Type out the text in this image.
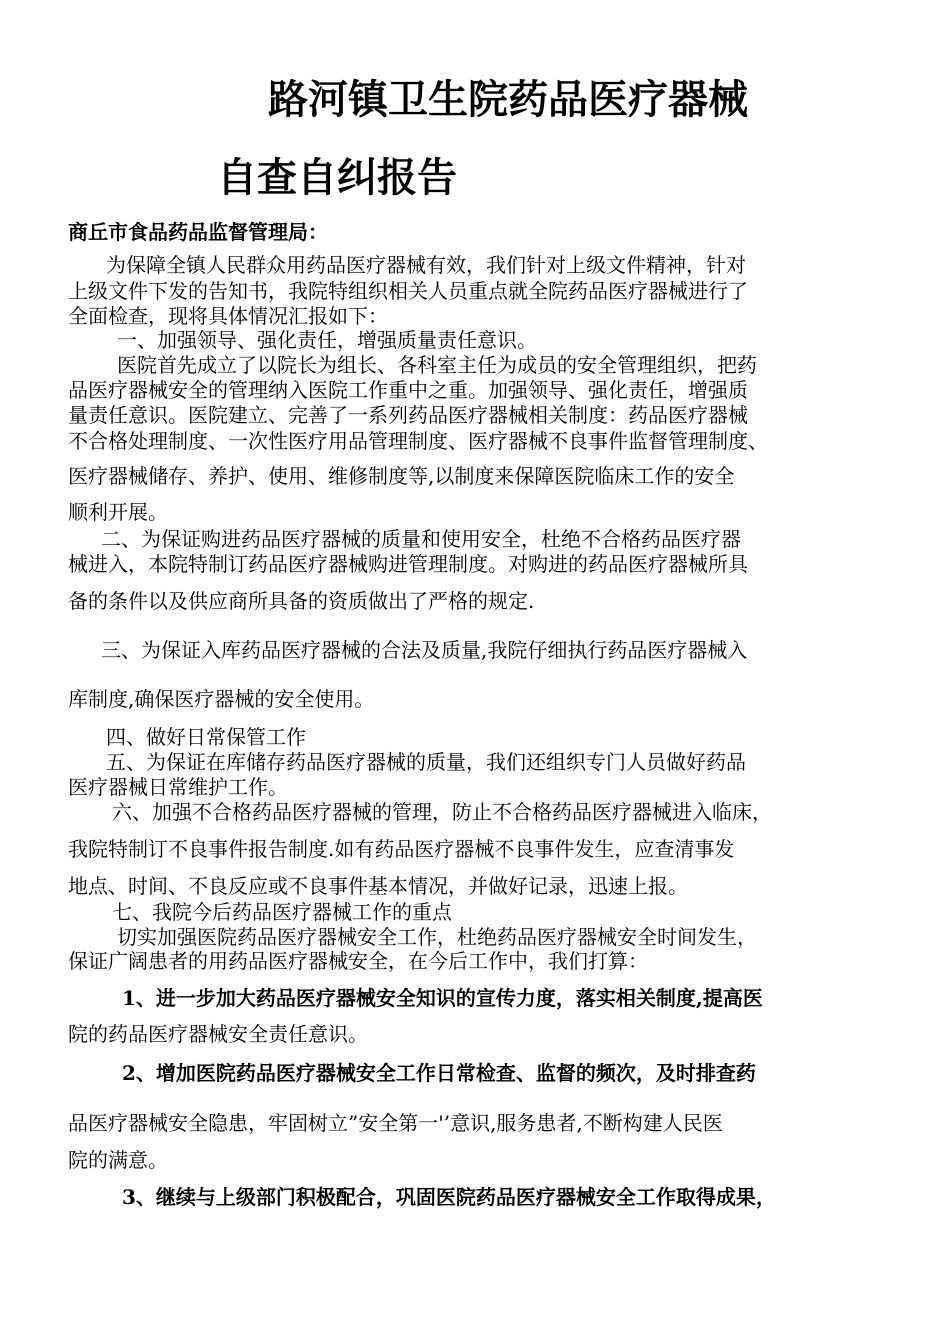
路河镇卫生院药品医疗器械
自查自纠报告
商丘市食品药品监督管理局：
为保障全镇人民群众用药品医疗器械有效，我们针对上级文件精神，针对
上级文件下发的告知书，我院特组织相关人员重点就全院药品医疗器械进行了
全面检查，现将具体情况汇报如下：
一、加强领导、强化责任，增强质量责任意识。
医院首先成立了以院长为组长、各科室主任为成员的安全管理组织，把药
品医疗器械安全的管理纳入医院工作重中之重。加强领导、强化责任，增强质
量责任意识。医院建立、完善了一系列药品医疗器械相关制度：药品医疗器械
不合格处理制度、一次性医疗用品管理制度、医疗器械不良事件监督管理制度、
医疗器械储存、养护、使用、维修制度等,以制度来保障医院临床工作的安全
顺利开展。
二、为保证购进药品医疗器械的质量和使用安全，杜绝不合格药品医疗器
械进入，本院特制订药品医疗器械购进管理制度。对购进的药品医疗器械所具
备的条件以及供应商所具备的资质做出了严格的规定.
三、为保证入库药品医疗器械的合法及质量,我院仔细执行药品医疗器械入
库制度,确保医疗器械的安全使用。
四、做好日常保管工作
五、为保证在库储存药品医疗器械的质量，我们还组织专门人员做好药品
医疗器械日常维护工作。
六、加强不合格药品医疗器械的管理，防止不合格药品医疗器械进入临床，
我院特制订不良事件报告制度.如有药品医疗器械不良事件发生，应查清事发
地点、时间、不良反应或不良事件基本情况，并做好记录，迅速上报。
七、我院今后药品医疗器械工作的重点
切实加强医院药品医疗器械安全工作，杜绝药品医疗器械安全时间发生，
保证广阔患者的用药品医疗器械安全，在今后工作中，我们打算：
1、进一步加大药品医疗器械安全知识的宣传力度，落实相关制度,提高医
院的药品医疗器械安全责任意识。
2、增加医院药品医疗器械安全工作日常检查、监督的频次，及时排查药
品医疗器械安全隐患，牢固树立”安全第一'’意识,服务患者,不断构建人民医
院的满意。
3、继续与上级部门积极配合，巩固医院药品医疗器械安全工作取得成果，
